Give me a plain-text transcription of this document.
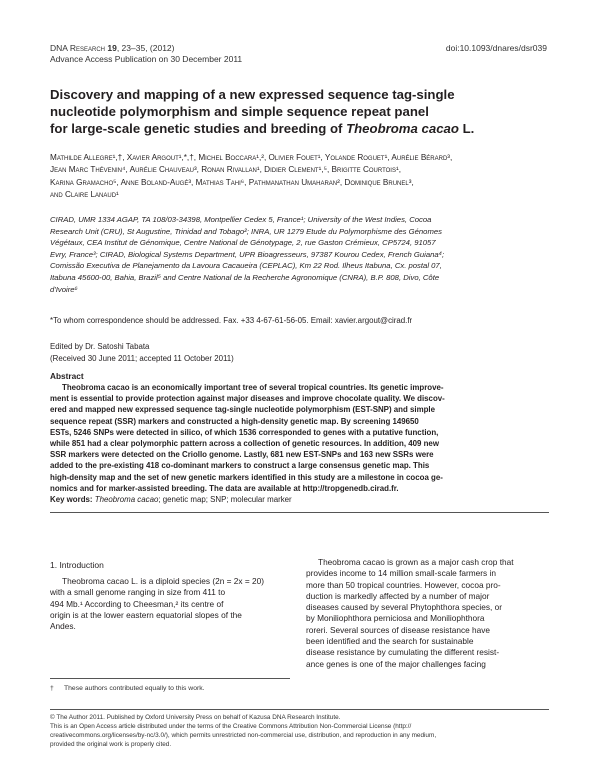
DNA Research 19, 23–35, (2012)
Advance Access Publication on 30 December 2011
doi:10.1093/dnares/dsr039
Discovery and mapping of a new expressed sequence tag-single
nucleotide polymorphism and simple sequence repeat panel
for large-scale genetic studies and breeding of Theobroma cacao L.
Mathilde Allegre¹,†, Xavier Argout¹,*,†, Michel Boccara¹,², Olivier Fouet¹, Yolande Roguet¹, Aurélie Bérard³,
Jean Marc Thévenin⁴, Aurélie Chauveau³, Ronan Rivallan¹, Didier Clement¹,⁵, Brigitte Courtois¹,
Karina Gramacho⁵, Anne Boland-Augé³, Mathias Tahi⁶, Pathmanathan Umaharan², Dominique Brunel³,
and Claire Lanaud¹
CIRAD, UMR 1334 AGAP, TA 108/03-34398, Montpellier Cedex 5, France¹; University of the West Indies, Cocoa
Research Unit (CRU), St Augustine, Trinidad and Tobago²; INRA, UR 1279 Etude du Polymorphisme des Génomes
Végétaux, CEA Institut de Génomique, Centre National de Génotypage, 2, rue Gaston Crémieux, CP5724, 91057
Evry, France³; CIRAD, Biological Systems Department, UPR Bioagresseurs, 97387 Kourou Cedex, French Guiana⁴;
Comissão Executiva de Planejamento da Lavoura Cacaueira (CEPLAC), Km 22 Rod. Ilheus Itabuna, Cx. postal 07,
Itabuna 45600-00, Bahia, Brazil⁵ and Centre National de la Recherche Agronomique (CNRA), B.P. 808, Divo, Côte
d'Ivoire⁶
*To whom correspondence should be addressed. Fax. +33 4-67-61-56-05. Email: xavier.argout@cirad.fr
Edited by Dr. Satoshi Tabata
(Received 30 June 2011; accepted 11 October 2011)
Abstract
Theobroma cacao is an economically important tree of several tropical countries. Its genetic improve-
ment is essential to provide protection against major diseases and improve chocolate quality. We discov-
ered and mapped new expressed sequence tag-single nucleotide polymorphism (EST-SNP) and simple
sequence repeat (SSR) markers and constructed a high-density genetic map. By screening 149650
ESTs, 5246 SNPs were detected in silico, of which 1536 corresponded to genes with a putative function,
while 851 had a clear polymorphic pattern across a collection of genetic resources. In addition, 409 new
SSR markers were detected on the Criollo genome. Lastly, 681 new EST-SNPs and 163 new SSRs were
added to the pre-existing 418 co-dominant markers to construct a large consensus genetic map. This
high-density map and the set of new genetic markers identified in this study are a milestone in cocoa ge-
nomics and for marker-assisted breeding. The data are available at http://tropgenedb.cirad.fr.
Key words: Theobroma cacao; genetic map; SNP; molecular marker
1. Introduction
Theobroma cacao L. is a diploid species (2n = 2x = 20)
with a small genome ranging in size from 411 to
494 Mb.¹ According to Cheesman,² its centre of
origin is at the lower eastern equatorial slopes of the
Andes.
Theobroma cacao is grown as a major cash crop that
provides income to 14 million small-scale farmers in
more than 50 tropical countries. However, cocoa pro-
duction is markedly affected by a number of major
diseases caused by several Phytophthora species, or
by Moniliophthora perniciosa and Moniliophthora
roreri. Several sources of disease resistance have
been identified and the search for sustainable
disease resistance by cumulating the different resist-
ance genes is one of the major challenges facing
† These authors contributed equally to this work.
© The Author 2011. Published by Oxford University Press on behalf of Kazusa DNA Research Institute.
This is an Open Access article distributed under the terms of the Creative Commons Attribution Non-Commercial License (http://
creativecommons.org/licenses/by-nc/3.0/), which permits unrestricted non-commercial use, distribution, and reproduction in any medium,
provided the original work is properly cited.
